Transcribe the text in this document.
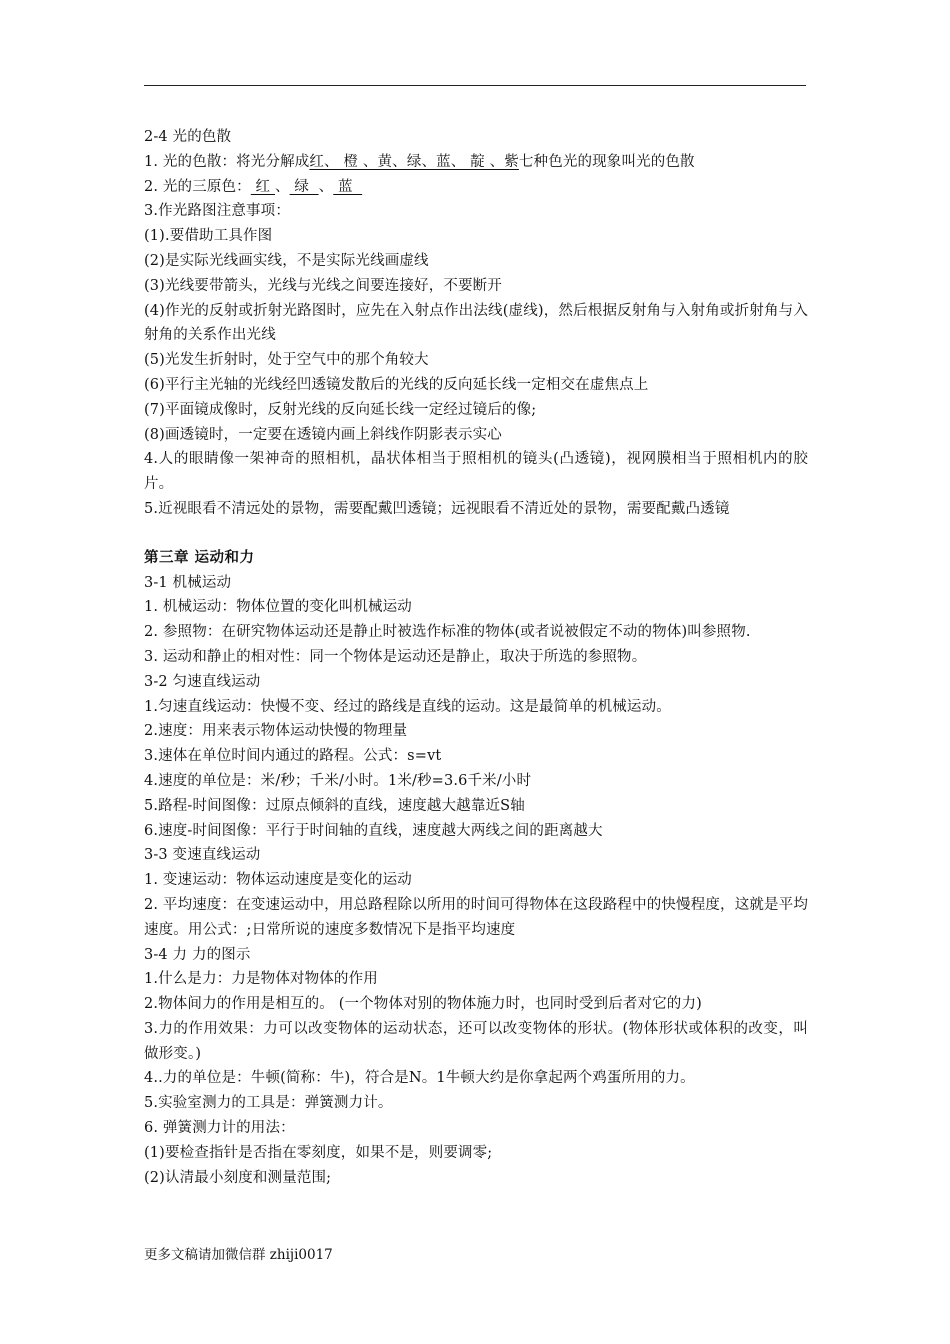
2-4 光的色散
1. 光的色散：将光分解成红、 橙 、黄、绿、蓝、 靛 、紫七种色光的现象叫光的色散
2. 光的三原色： 红 、 绿  、 蓝
3.作光路图注意事项：
(1).要借助工具作图
(2)是实际光线画实线，不是实际光线画虚线
(3)光线要带箭头，光线与光线之间要连接好，不要断开
(4)作光的反射或折射光路图时，应先在入射点作出法线(虚线)，然后根据反射角与入射角或折射角与入射角的关系作出光线
(5)光发生折射时，处于空气中的那个角较大
(6)平行主光轴的光线经凹透镜发散后的光线的反向延长线一定相交在虚焦点上
(7)平面镜成像时，反射光线的反向延长线一定经过镜后的像;
(8)画透镜时，一定要在透镜内画上斜线作阴影表示实心
4.人的眼睛像一架神奇的照相机，晶状体相当于照相机的镜头(凸透镜)，视网膜相当于照相机内的胶片。
5.近视眼看不清远处的景物，需要配戴凹透镜；远视眼看不清近处的景物，需要配戴凸透镜
第三章 运动和力
3-1 机械运动
1. 机械运动：物体位置的变化叫机械运动
2. 参照物：在研究物体运动还是静止时被选作标准的物体(或者说被假定不动的物体)叫参照物.
3. 运动和静止的相对性：同一个物体是运动还是静止，取决于所选的参照物。
3-2 匀速直线运动
1.匀速直线运动：快慢不变、经过的路线是直线的运动。这是最简单的机械运动。
2.速度：用来表示物体运动快慢的物理量
3.速体在单位时间内通过的路程。公式：s=vt
4.速度的单位是：米/秒；千米/小时。1米/秒=3.6千米/小时
5.路程-时间图像：过原点倾斜的直线，速度越大越靠近S轴
6.速度-时间图像：平行于时间轴的直线，速度越大两线之间的距离越大
3-3 变速直线运动
1. 变速运动：物体运动速度是变化的运动
2. 平均速度：在变速运动中，用总路程除以所用的时间可得物体在这段路程中的快慢程度，这就是平均速度。用公式：;日常所说的速度多数情况下是指平均速度
3-4 力 力的图示
1.什么是力：力是物体对物体的作用
2.物体间力的作用是相互的。 (一个物体对别的物体施力时，也同时受到后者对它的力)
3.力的作用效果：力可以改变物体的运动状态，还可以改变物体的形状。(物体形状或体积的改变，叫做形变。)
4..力的单位是：牛顿(简称：牛)，符合是N。1牛顿大约是你拿起两个鸡蛋所用的力。
5.实验室测力的工具是：弹簧测力计。
6. 弹簧测力计的用法：
(1)要检查指针是否指在零刻度，如果不是，则要调零;
(2)认清最小刻度和测量范围;
更多文稿请加微信群 zhiji0017
